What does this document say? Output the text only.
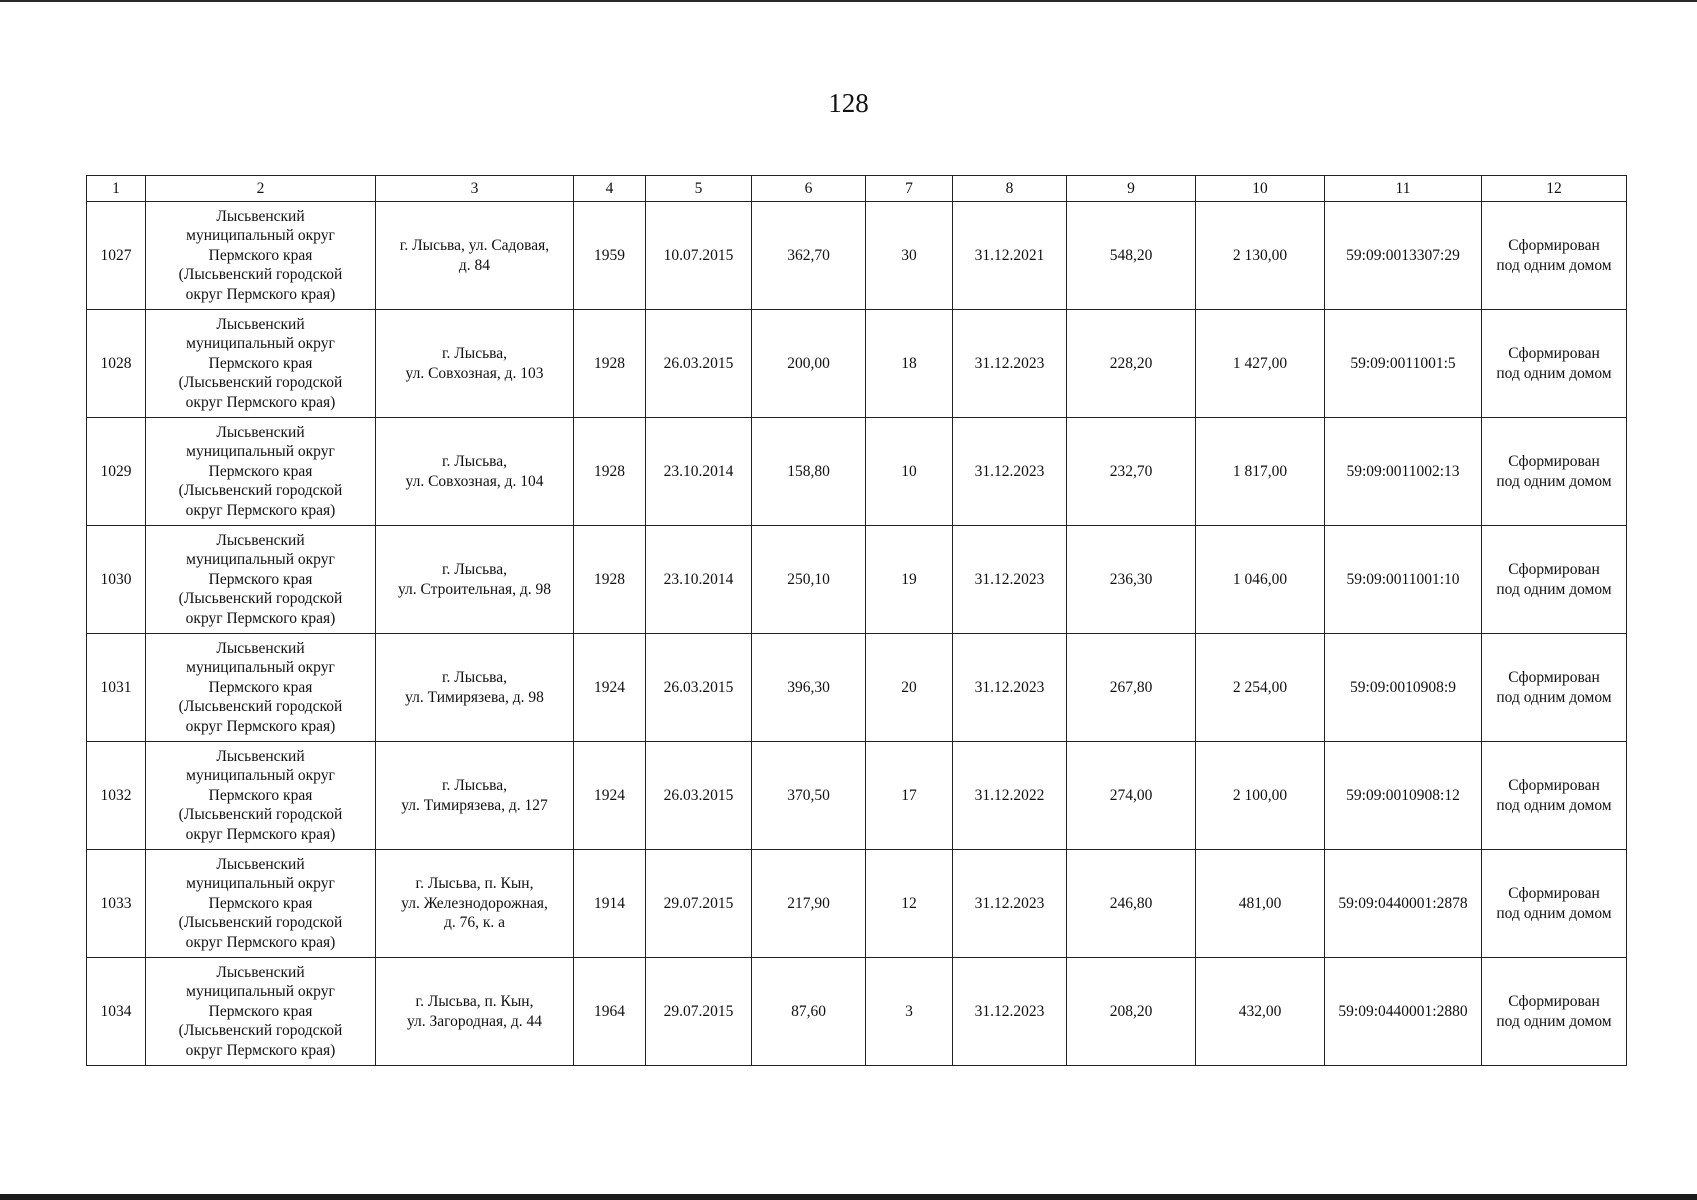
128
1	2	3	4	5	6	7	8	9	10	11	12
1027	Лысьвенский
муниципальный округ
Пермского края
(Лысьвенский городской
округ Пермского края)	г. Лысьва, ул. Садовая,
д. 84	1959	10.07.2015	362,70	30	31.12.2021	548,20	2 130,00	59:09:0013307:29	Сформирован
под одним домом

1028	Лысьвенский
муниципальный округ
Пермского края
(Лысьвенский городской
округ Пермского края)	г. Лысьва,
ул. Совхозная, д. 103	1928	26.03.2015	200,00	18	31.12.2023	228,20	1 427,00	59:09:0011001:5	Сформирован
под одним домом

1029	Лысьвенский
муниципальный округ
Пермского края
(Лысьвенский городской
округ Пермского края)	г. Лысьва,
ул. Совхозная, д. 104	1928	23.10.2014	158,80	10	31.12.2023	232,70	1 817,00	59:09:0011002:13	Сформирован
под одним домом

1030	Лысьвенский
муниципальный округ
Пермского края
(Лысьвенский городской
округ Пермского края)	г. Лысьва,
ул. Строительная, д. 98	1928	23.10.2014	250,10	19	31.12.2023	236,30	1 046,00	59:09:0011001:10	Сформирован
под одним домом

1031	Лысьвенский
муниципальный округ
Пермского края
(Лысьвенский городской
округ Пермского края)	г. Лысьва,
ул. Тимирязева, д. 98	1924	26.03.2015	396,30	20	31.12.2023	267,80	2 254,00	59:09:0010908:9	Сформирован
под одним домом

1032	Лысьвенский
муниципальный округ
Пермского края
(Лысьвенский городской
округ Пермского края)	г. Лысьва,
ул. Тимирязева, д. 127	1924	26.03.2015	370,50	17	31.12.2022	274,00	2 100,00	59:09:0010908:12	Сформирован
под одним домом

1033	Лысьвенский
муниципальный округ
Пермского края
(Лысьвенский городской
округ Пермского края)	г. Лысьва, п. Кын,
ул. Железнодорожная,
д. 76, к. а	1914	29.07.2015	217,90	12	31.12.2023	246,80	481,00	59:09:0440001:2878	Сформирован
под одним домом

1034	Лысьвенский
муниципальный округ
Пермского края
(Лысьвенский городской
округ Пермского края)	г. Лысьва, п. Кын,
ул. Загородная, д. 44	1964	29.07.2015	87,60	3	31.12.2023	208,20	432,00	59:09:0440001:2880	Сформирован
под одним домом
